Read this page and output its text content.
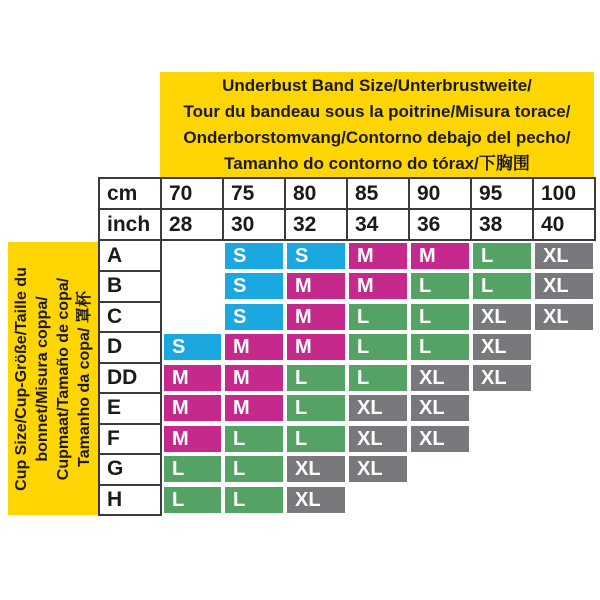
Underbust Band Size/Unterbrustweite/
Tour du bandeau sous la poitrine/Misura torace/
Onderborstomvang/Contorno debajo del pecho/
Tamanho do contorno do tórax/下胸围
Cup Size/Cup-Größe/Taille du bonnet/Misura coppa/ Cupmaat/Tamaño de copa/ Tamanho da copa/ 罩杯
cm	70	75	80	85	90	95	100
inch	28	30	32	34	36	38	40
A		S	S	M	M	L	XL

B		S	M	M	L	L	XL

C		S	M	L	L	XL	XL

D	S	M	M	L	L	XL	

DD	M	M	L	L	XL	XL	

E	M	M	L	XL	XL		

F	M	L	L	XL	XL		

G	L	L	XL	XL			

H	L	L	XL				
